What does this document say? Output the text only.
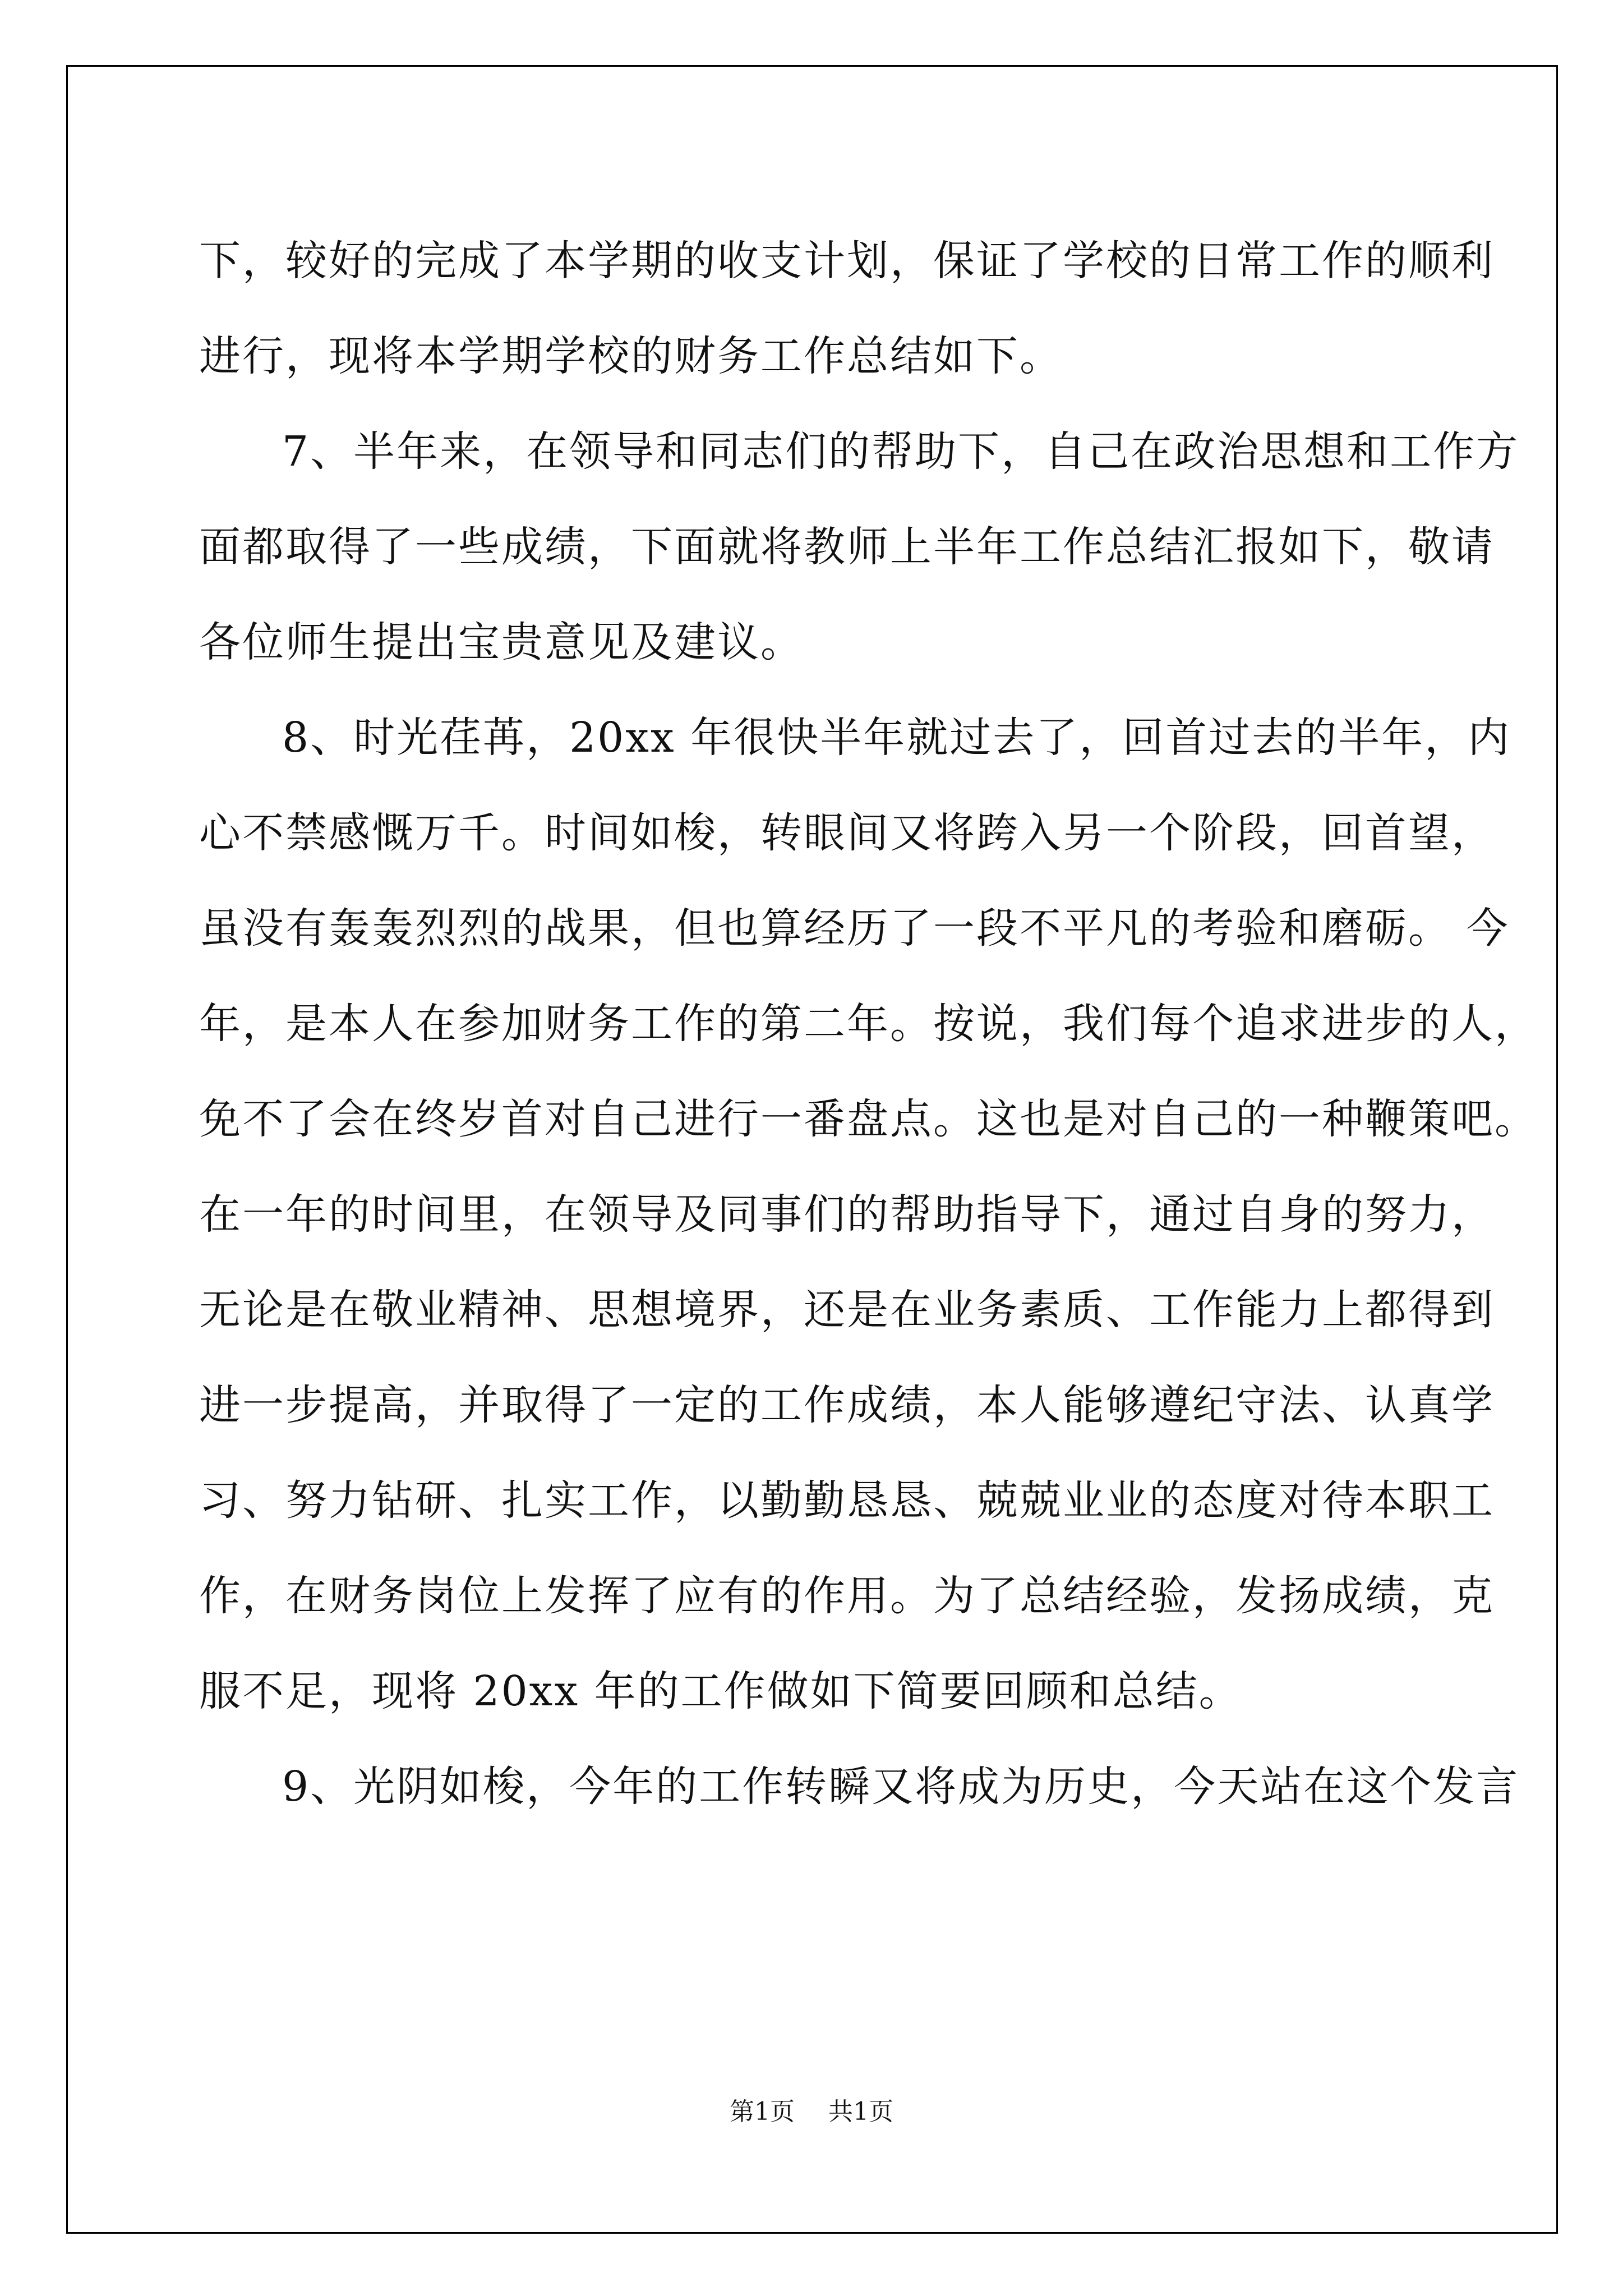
下，较好的完成了本学期的收支计划，保证了学校的日常工作的顺利
进行，现将本学期学校的财务工作总结如下。

7、半年来，在领导和同志们的帮助下，自己在政治思想和工作方
面都取得了一些成绩，下面就将教师上半年工作总结汇报如下，敬请
各位师生提出宝贵意见及建议。

8、时光荏苒，20xx 年很快半年就过去了，回首过去的半年，内
心不禁感慨万千。时间如梭，转眼间又将跨入另一个阶段，回首望，
虽没有轰轰烈烈的战果，但也算经历了一段不平凡的考验和磨砺。 今
年，是本人在参加财务工作的第二年。按说，我们每个追求进步的人，
免不了会在终岁首对自己进行一番盘点。这也是对自己的一种鞭策吧。
在一年的时间里，在领导及同事们的帮助指导下，通过自身的努力，
无论是在敬业精神、思想境界，还是在业务素质、工作能力上都得到
进一步提高，并取得了一定的工作成绩，本人能够遵纪守法、认真学
习、努力钻研、扎实工作，以勤勤恳恳、兢兢业业的态度对待本职工
作，在财务岗位上发挥了应有的作用。为了总结经验，发扬成绩，克
服不足，现将 20xx 年的工作做如下简要回顾和总结。

9、光阴如梭，今年的工作转瞬又将成为历史，今天站在这个发言

第1页 共1页
